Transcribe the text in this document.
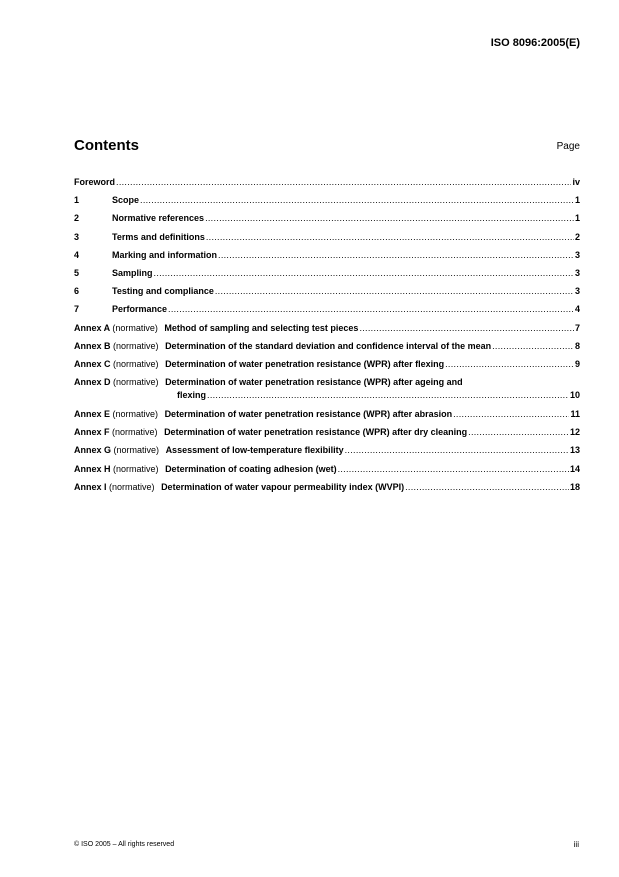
ISO 8096:2005(E)
Contents	Page
Foreword .....	iv
1	Scope .....	1
2	Normative references .....	1
3	Terms and definitions .....	2
4	Marking and information .....	3
5	Sampling .....	3
6	Testing and compliance .....	3
7	Performance .....	4
Annex A (normative) Method of sampling and selecting test pieces .....	7
Annex B (normative) Determination of the standard deviation and confidence interval of the mean .....	8
Annex C (normative) Determination of water penetration resistance (WPR) after flexing .....	9
Annex D (normative) Determination of water penetration resistance (WPR) after ageing and
flexing .....	10
Annex E (normative) Determination of water penetration resistance (WPR) after abrasion .....	11
Annex F (normative) Determination of water penetration resistance (WPR) after dry cleaning .....	12
Annex G (normative) Assessment of low-temperature flexibility .....	13
Annex H (normative) Determination of coating adhesion (wet) .....	14
Annex I (normative) Determination of water vapour permeability index (WVPI) .....	18
© ISO 2005 – All rights reserved	iii
